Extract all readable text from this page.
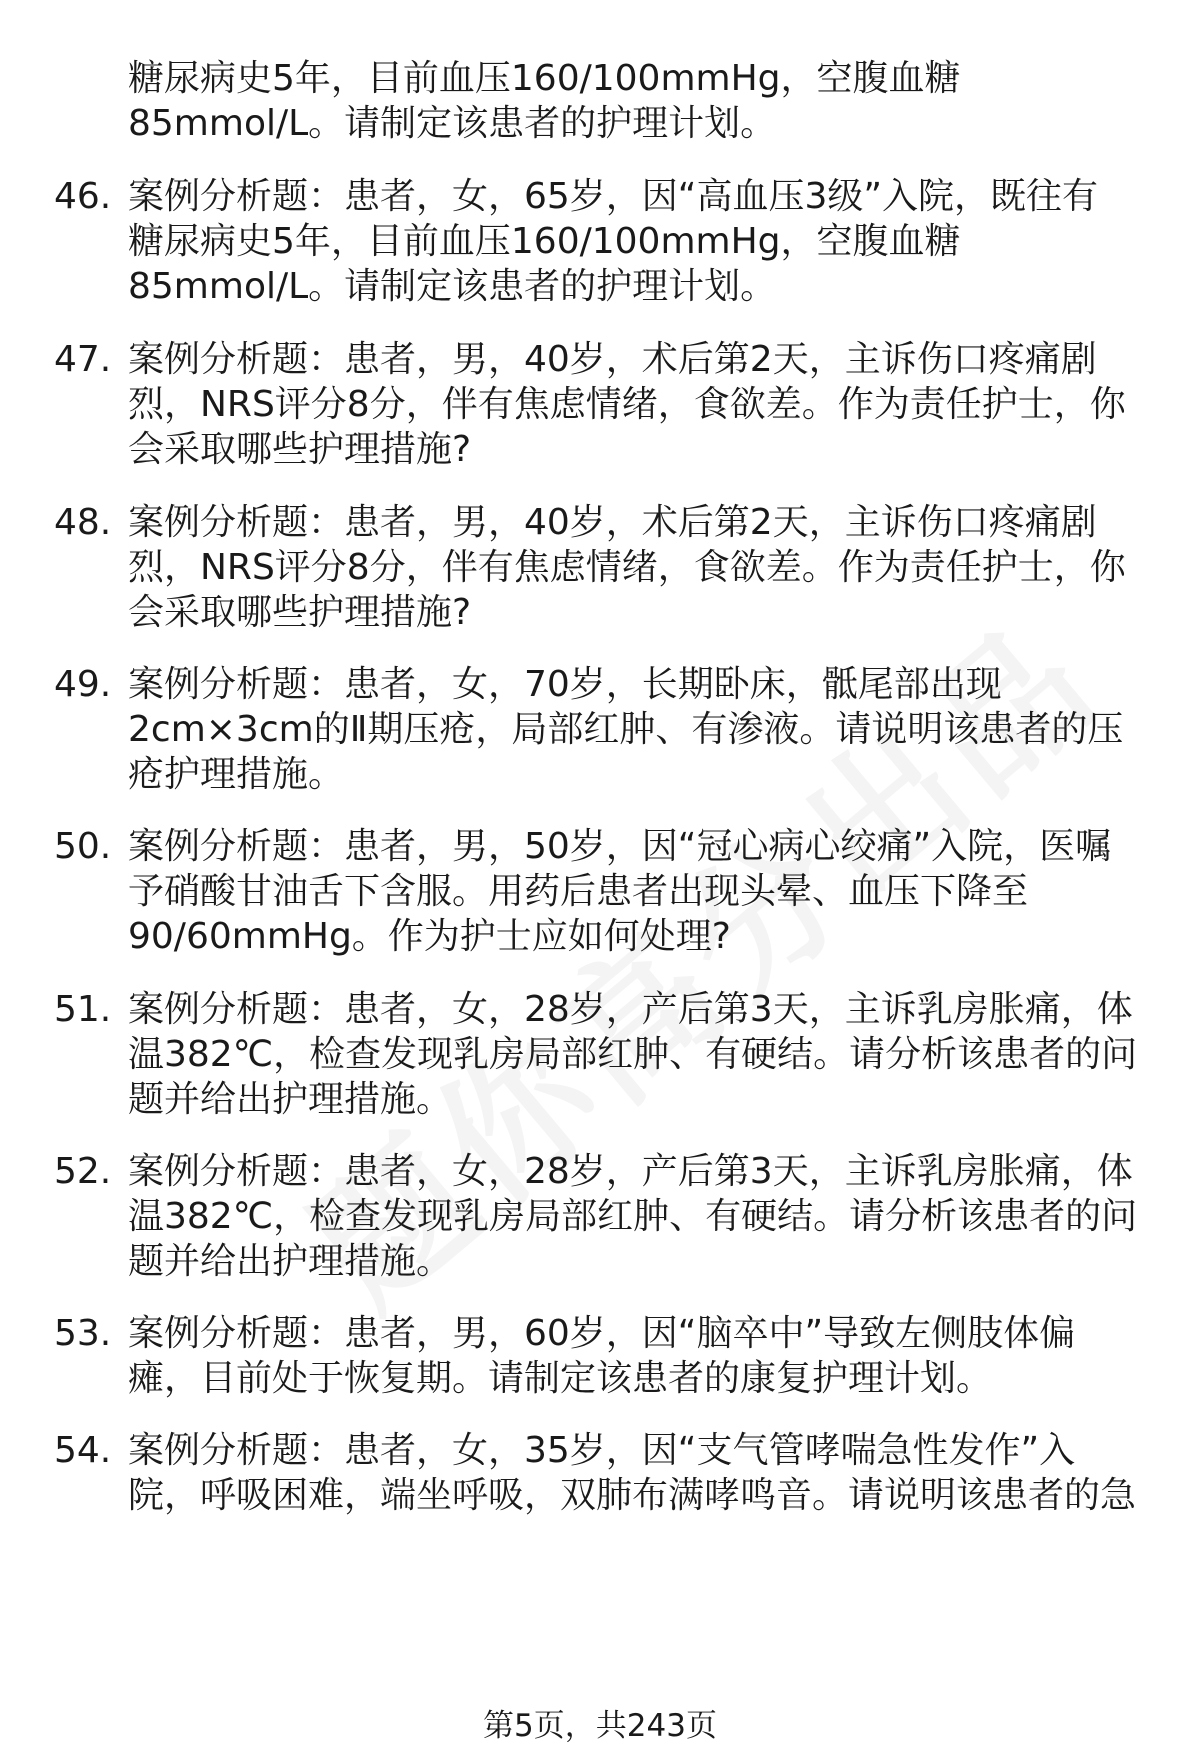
糖尿病史5年，目前血压160/100mmHg，空腹血糖
85mmol/L。请制定该患者的护理计划。
46. 案例分析题：患者，女，65岁，因“高血压3级”入院，既往有
糖尿病史5年，目前血压160/100mmHg，空腹血糖
85mmol/L。请制定该患者的护理计划。
47. 案例分析题：患者，男，40岁，术后第2天，主诉伤口疼痛剧
烈，NRS评分8分，伴有焦虑情绪，食欲差。作为责任护士，你
会采取哪些护理措施?
48. 案例分析题：患者，男，40岁，术后第2天，主诉伤口疼痛剧
烈，NRS评分8分，伴有焦虑情绪，食欲差。作为责任护士，你
会采取哪些护理措施?
49. 案例分析题：患者，女，70岁，长期卧床，骶尾部出现
2cm×3cm的Ⅱ期压疮，局部红肿、有渗液。请说明该患者的压
疮护理措施。
50. 案例分析题：患者，男，50岁，因“冠心病心绞痛”入院，医嘱
予硝酸甘油舌下含服。用药后患者出现头晕、血压下降至
90/60mmHg。作为护士应如何处理?
51. 案例分析题：患者，女，28岁，产后第3天，主诉乳房胀痛，体
温382℃，检查发现乳房局部红肿、有硬结。请分析该患者的问
题并给出护理措施。
52. 案例分析题：患者，女，28岁，产后第3天，主诉乳房胀痛，体
温382℃，检查发现乳房局部红肿、有硬结。请分析该患者的问
题并给出护理措施。
53. 案例分析题：患者，男，60岁，因“脑卒中”导致左侧肢体偏
瘫，目前处于恢复期。请制定该患者的康复护理计划。
54. 案例分析题：患者，女，35岁，因“支气管哮喘急性发作”入
院，呼吸困难，端坐呼吸，双肺布满哮鸣音。请说明该患者的急
第5页，共243页
